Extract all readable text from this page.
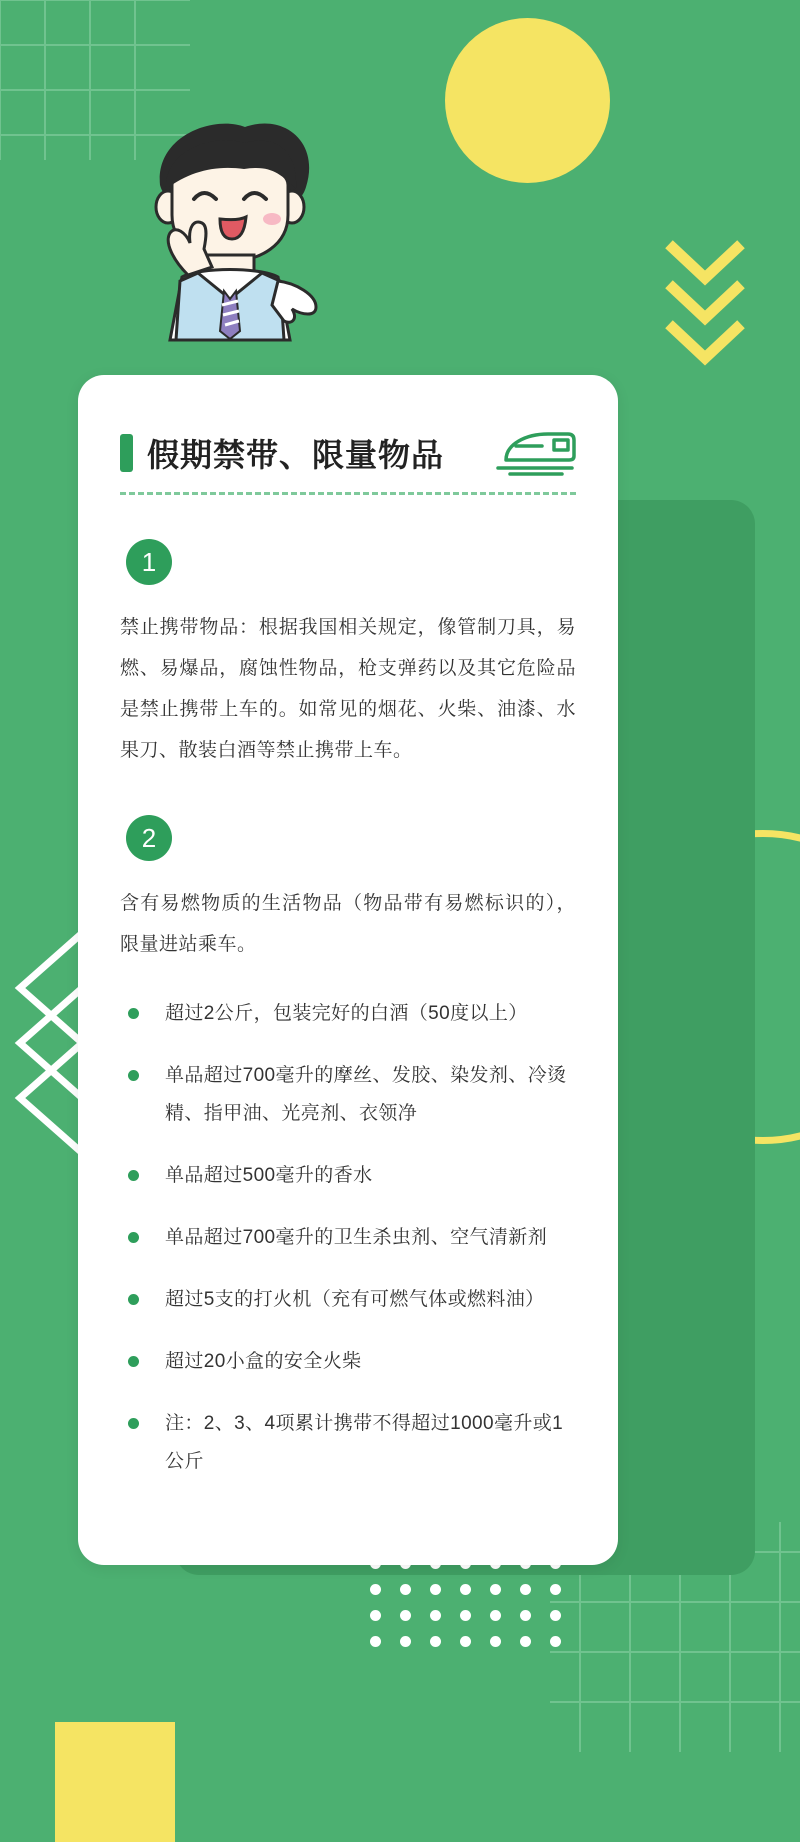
假期禁带、限量物品
1
禁止携带物品：根据我国相关规定，像管制刀具，易燃、易爆品，腐蚀性物品，枪支弹药以及其它危险品是禁止携带上车的。如常见的烟花、火柴、油漆、水果刀、散装白酒等禁止携带上车。
2
含有易燃物质的生活物品（物品带有易燃标识的），限量进站乘车。
超过2公斤，包装完好的白酒（50度以上）
单品超过700毫升的摩丝、发胶、染发剂、冷烫精、指甲油、光亮剂、衣领净
单品超过500毫升的香水
单品超过700毫升的卫生杀虫剂、空气清新剂
超过5支的打火机（充有可燃气体或燃料油）
超过20小盒的安全火柴
注：2、3、4项累计携带不得超过1000毫升或1公斤
